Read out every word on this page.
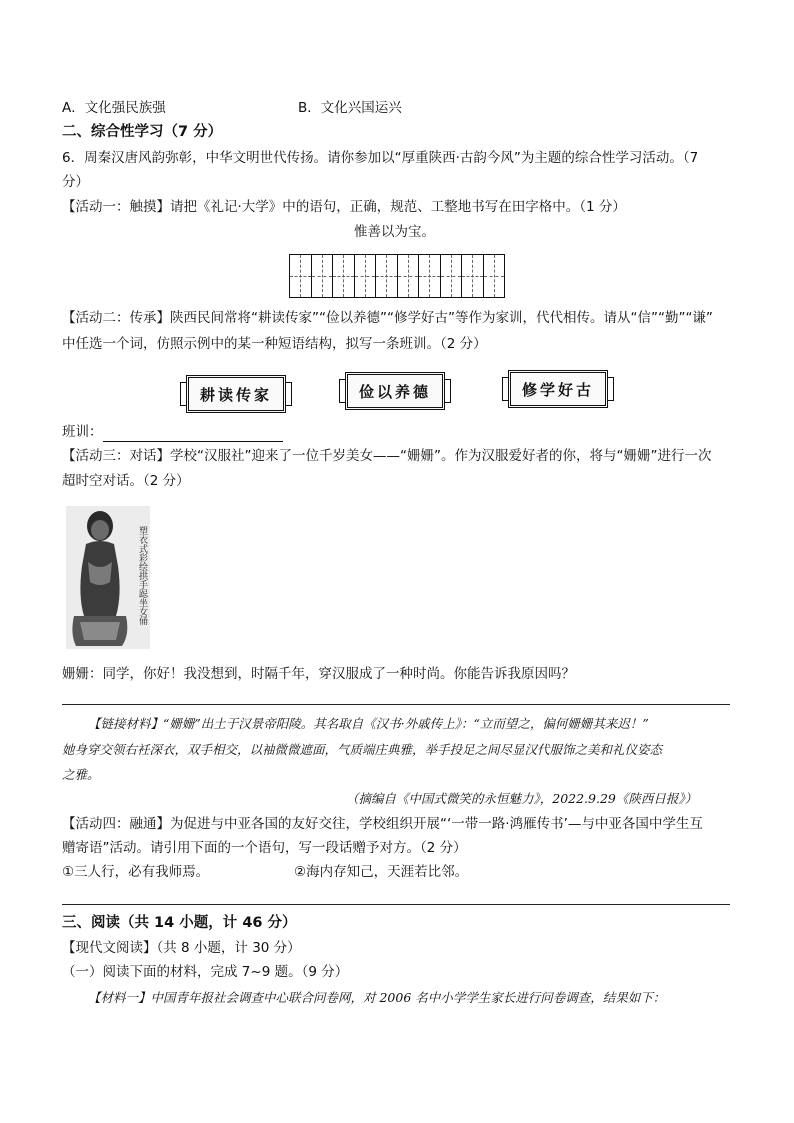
A．文化强民族强	B．文化兴国运兴
二、综合性学习（7 分）
6．周秦汉唐风韵弥彰，中华文明世代传扬。请你参加以“厚重陕西·古韵今风”为主题的综合性学习活动。（7
分）
【活动一：触摸】请把《礼记·大学》中的语句，正确，规范、工整地书写在田字格中。（1 分）
惟善以为宝。
【活动二：传承】陕西民间常将“耕读传家”“俭以养德”“修学好古”等作为家训，代代相传。请从“信”“勤”“谦”
中任选一个词，仿照示例中的某一种短语结构，拟写一条班训。（2 分）
耕读传家	俭以养德	修学好古
班训：
【活动三：对话】学校“汉服社”迎来了一位千岁美女——“姗姗”。作为汉服爱好者的你，将与“姗姗”进行一次
超时空对话。（2 分）
塑衣式彩绘拱手跽坐女俑
姗姗：同学，你好！我没想到，时隔千年，穿汉服成了一种时尚。你能告诉我原因吗？
【链接材料】“姗姗”出土于汉景帝阳陵。其名取自《汉书·外戚传上》：“立而望之，偏何姗姗其来迟！”
她身穿交领右衽深衣，双手相交，以袖微微遮面，气质端庄典雅，举手投足之间尽显汉代服饰之美和礼仪姿态
之雅。
（摘编自《中国式微笑的永恒魅力》，2022.9.29《陕西日报》）
【活动四：融通】为促进与中亚各国的友好交往，学校组织开展“‘一带一路·鸿雁传书’—与中亚各国中学生互
赠寄语”活动。请引用下面的一个语句，写一段话赠予对方。（2 分）
①三人行，必有我师焉。	②海内存知己，天涯若比邻。
三、阅读（共 14 小题，计 46 分）
【现代文阅读】（共 8 小题，计 30 分）
（一）阅读下面的材料，完成 7~9 题。（9 分）
【材料一】中国青年报社会调查中心联合问卷网，对 2006 名中小学学生家长进行问卷调查，结果如下：
